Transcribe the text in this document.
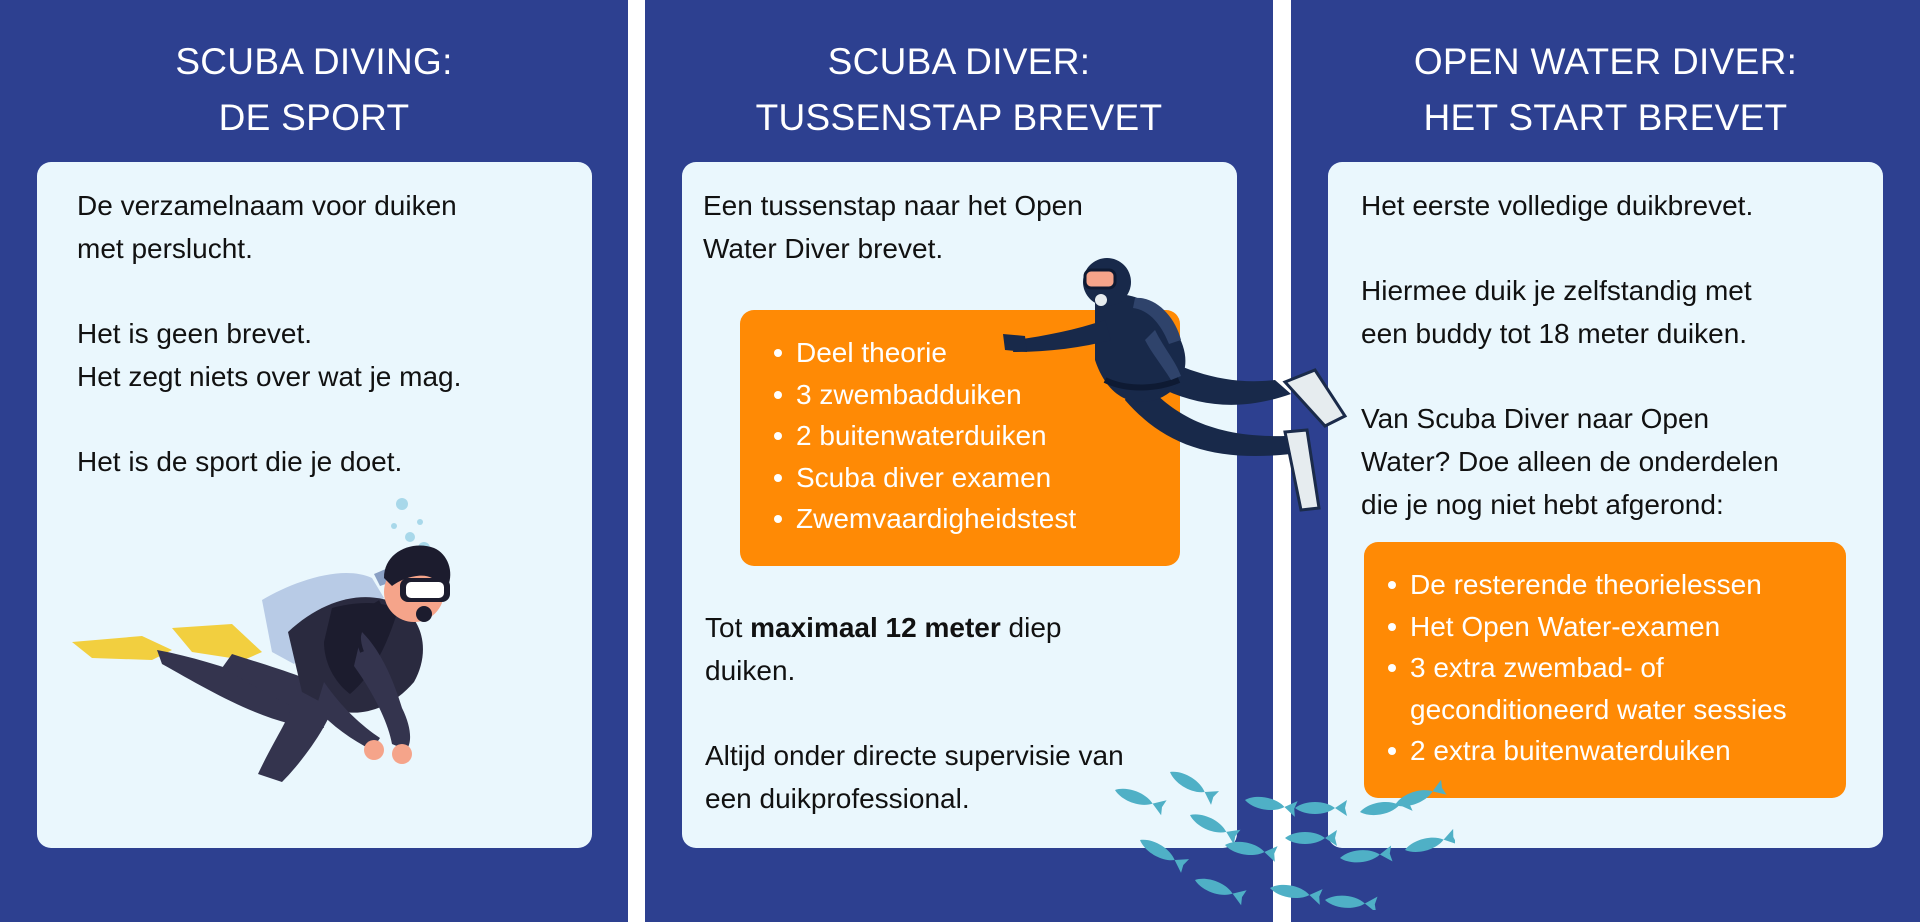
SCUBA DIVING:
DE SPORT
De verzamelnaam voor duiken
met perslucht.
Het is geen brevet.
Het zegt niets over wat je mag.
Het is de sport die je doet.
SCUBA DIVER:
TUSSENSTAP BREVET
Een tussenstap naar het Open
Water Diver brevet.
Deel theorie
3 zwembadduiken
2 buitenwaterduiken
Scuba diver examen
Zwemvaardigheidstest
Tot maximaal 12 meter diep
duiken.
Altijd onder directe supervisie van
een duikprofessional.
OPEN WATER DIVER:
HET START BREVET
Het eerste volledige duikbrevet.
Hiermee duik je zelfstandig met
een buddy tot 18 meter duiken.
Van Scuba Diver naar Open
Water? Doe alleen de onderdelen
die je nog niet hebt afgerond:
De resterende theorielessen
Het Open Water-examen
3 extra zwembad- of
geconditioneerd water sessies
2 extra buitenwaterduiken
